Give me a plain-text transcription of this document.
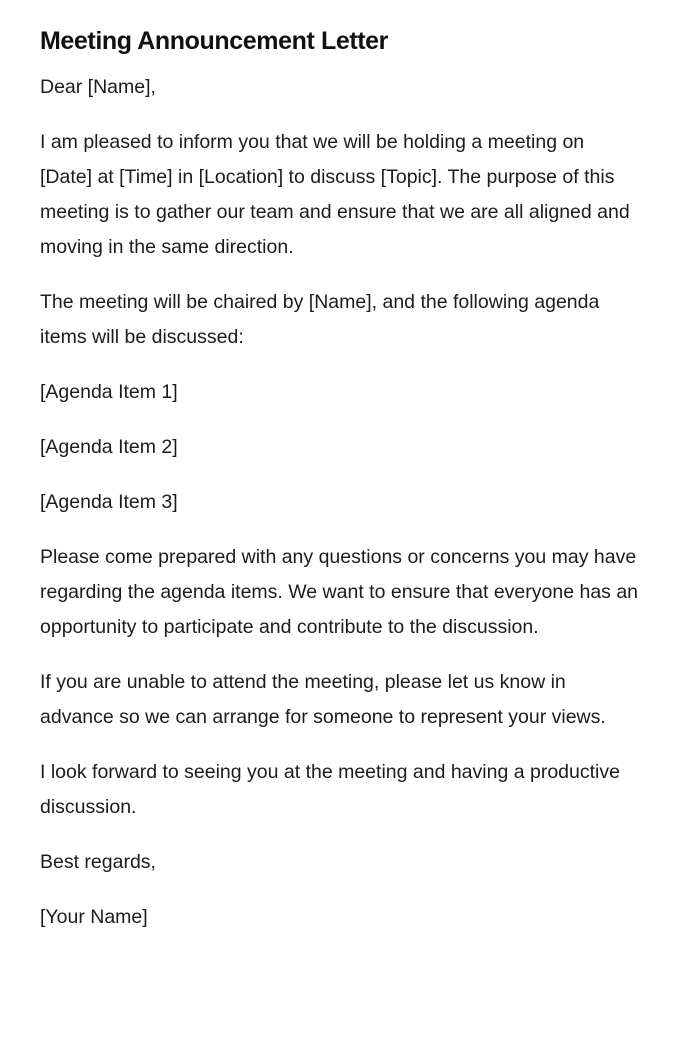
Meeting Announcement Letter

Dear [Name],

I am pleased to inform you that we will be holding a meeting on [Date] at [Time] in [Location] to discuss [Topic]. The purpose of this meeting is to gather our team and ensure that we are all aligned and moving in the same direction.

The meeting will be chaired by [Name], and the following agenda items will be discussed:

[Agenda Item 1]

[Agenda Item 2]

[Agenda Item 3]

Please come prepared with any questions or concerns you may have regarding the agenda items. We want to ensure that everyone has an opportunity to participate and contribute to the discussion.

If you are unable to attend the meeting, please let us know in advance so we can arrange for someone to represent your views.

I look forward to seeing you at the meeting and having a productive discussion.

Best regards,

[Your Name]
